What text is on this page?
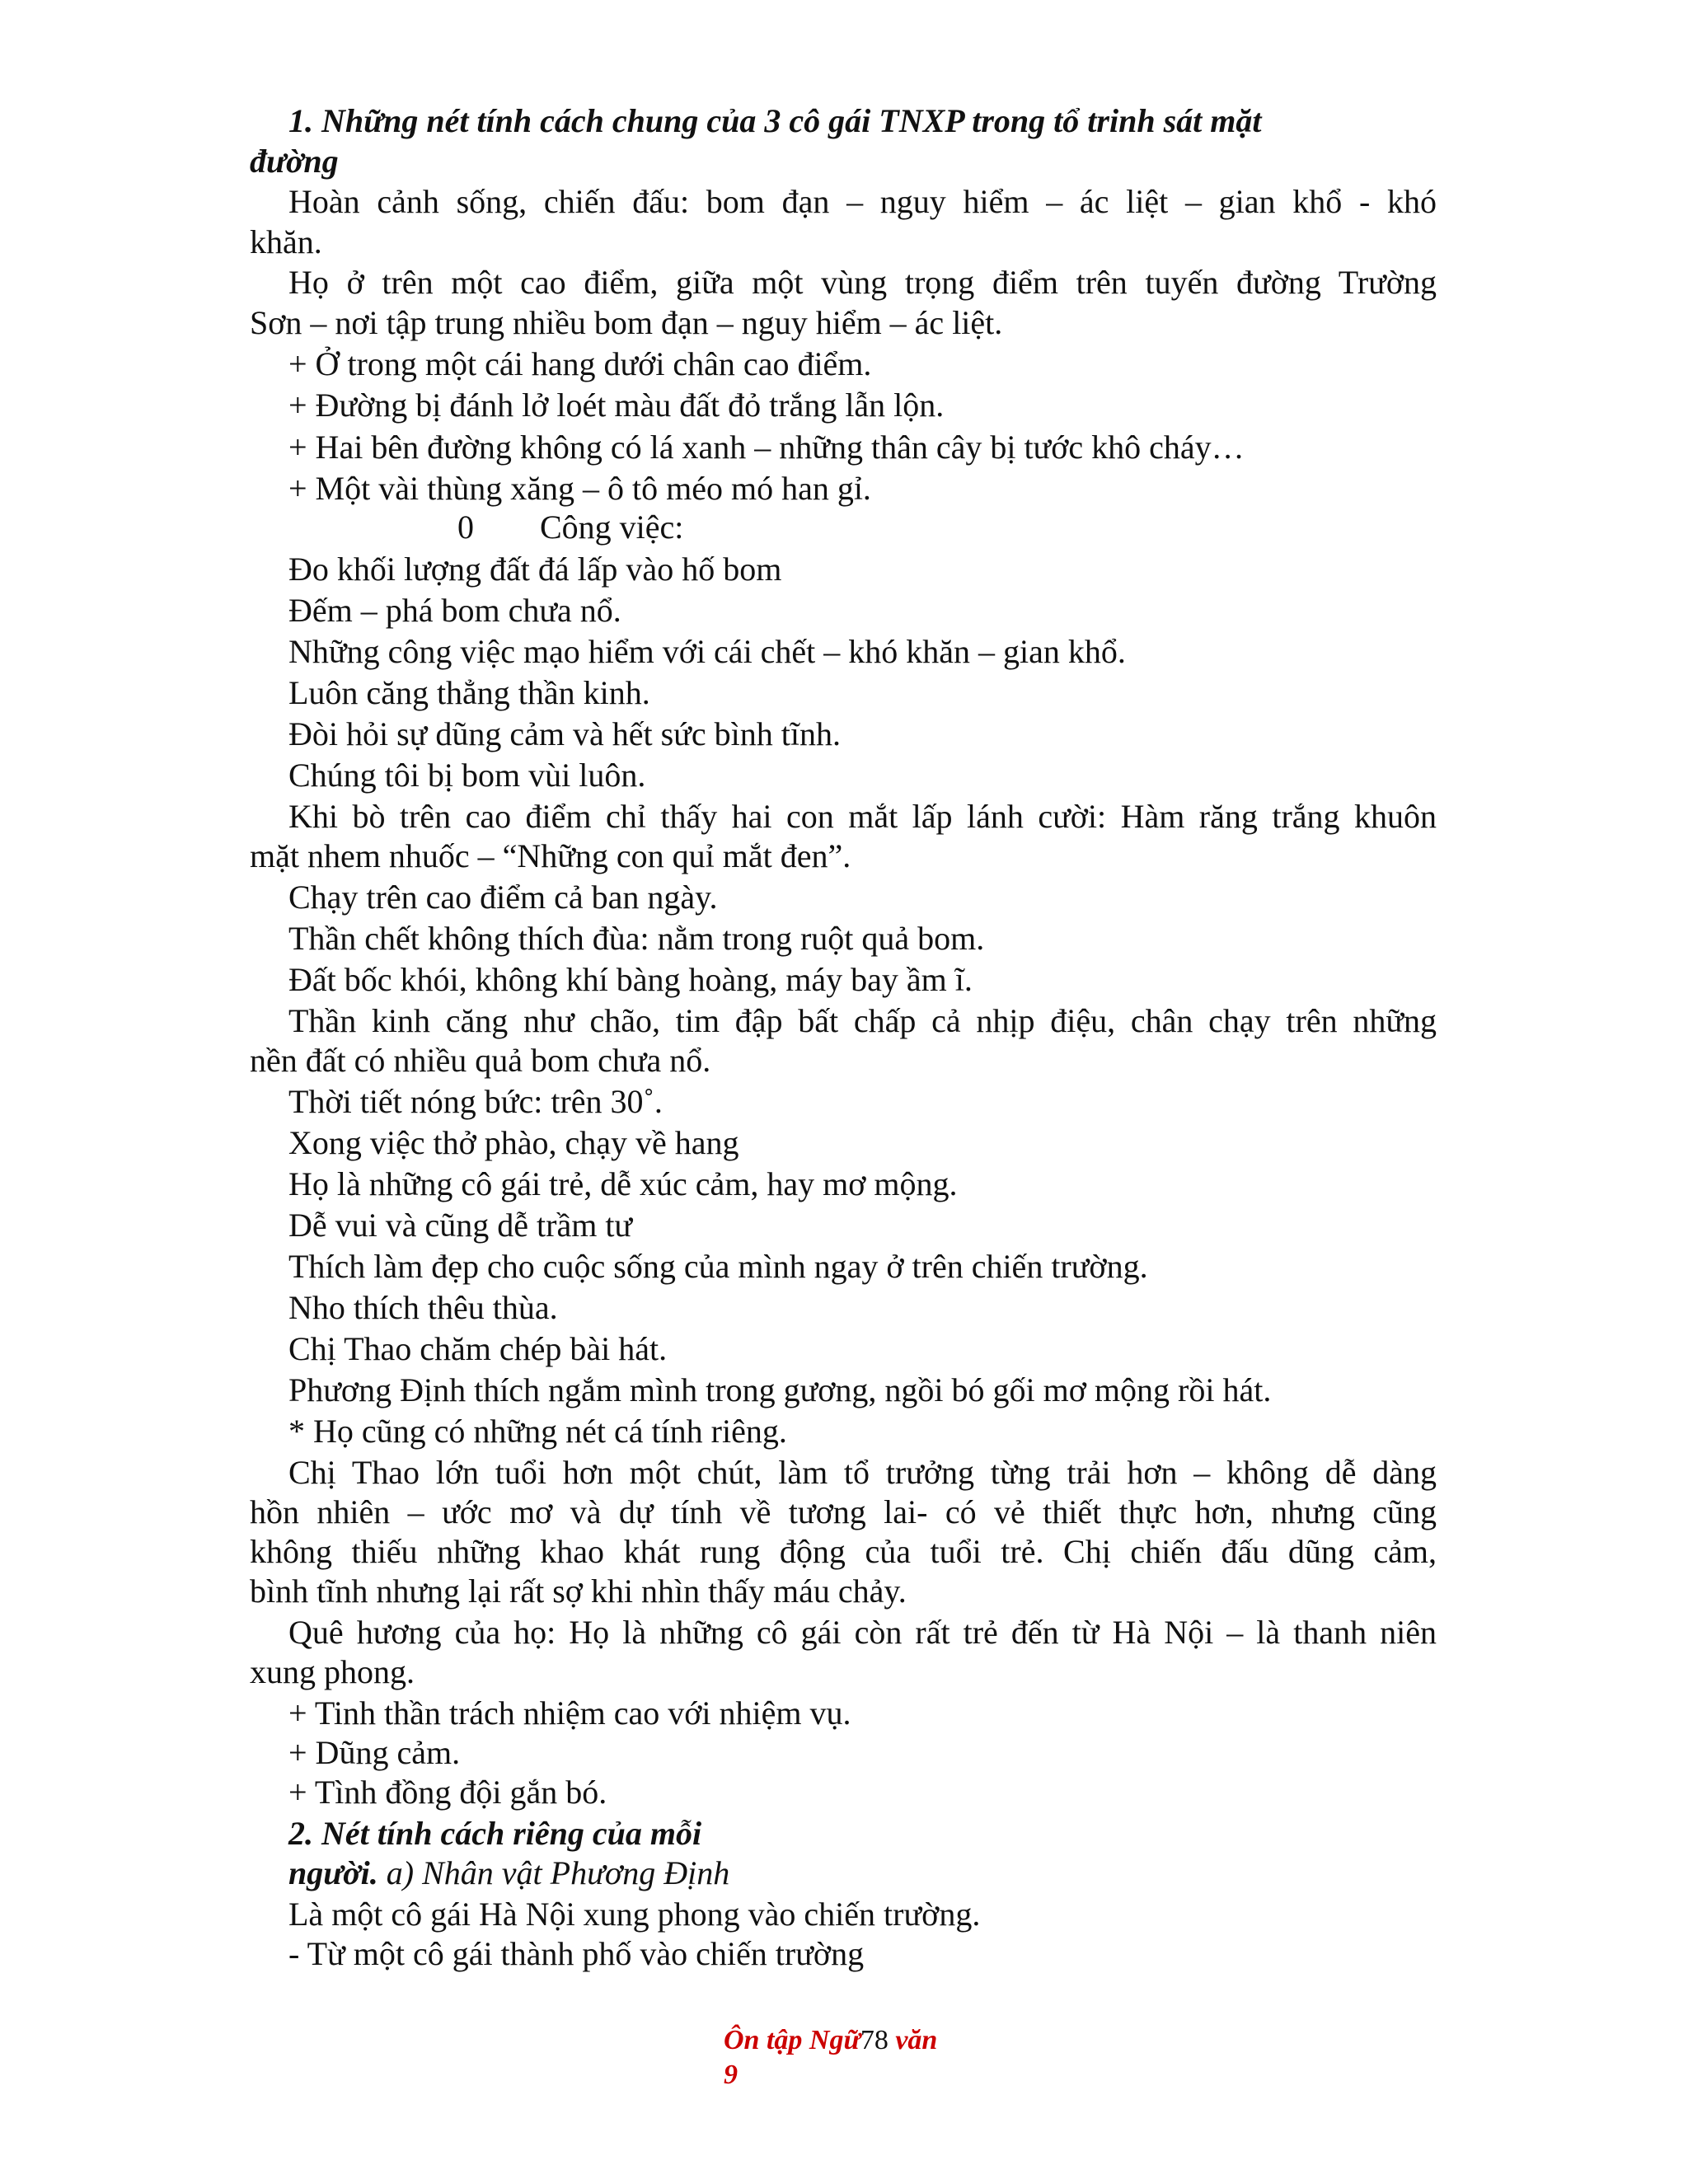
1. Những nét tính cách chung của 3 cô gái TNXP trong tổ trinh sát mặt
đường
Hoàn cảnh sống, chiến đấu: bom đạn – nguy hiểm – ác liệt – gian khổ - khó
khăn.
Họ ở trên một cao điểm, giữa một vùng trọng điểm trên tuyến đường Trường
Sơn – nơi tập trung nhiều bom đạn – nguy hiểm – ác liệt.
+ Ở trong một cái hang dưới chân cao điểm.
+ Đường bị đánh lở loét màu đất đỏ trắng lẫn lộn.
+ Hai bên đường không có lá xanh – những thân cây bị tước khô cháy…
+ Một vài thùng xăng – ô tô méo mó han gỉ.
0        Công việc:
Đo khối lượng đất đá lấp vào hố bom
Đếm – phá bom chưa nổ.
Những công việc mạo hiểm với cái chết – khó khăn – gian khổ.
Luôn căng thẳng thần kinh.
Đòi hỏi sự dũng cảm và hết sức bình tĩnh.
Chúng tôi bị bom vùi luôn.
Khi bò trên cao điểm chỉ thấy hai con mắt lấp lánh cười: Hàm răng trắng khuôn
mặt nhem nhuốc – “Những con quỉ mắt đen”.
Chạy trên cao điểm cả ban ngày.
Thần chết không thích đùa: nằm trong ruột quả bom.
Đất bốc khói, không khí bàng hoàng, máy bay ầm ĩ.
Thần kinh căng như chão, tim đập bất chấp cả nhịp điệu, chân chạy trên những
nền đất có nhiều quả bom chưa nổ.
Thời tiết nóng bức: trên 30˚.
Xong việc thở phào, chạy về hang
Họ là những cô gái trẻ, dễ xúc cảm, hay mơ mộng.
Dễ vui và cũng dễ trầm tư
Thích làm đẹp cho cuộc sống của mình ngay ở trên chiến trường.
Nho thích thêu thùa.
Chị Thao chăm chép bài hát.
Phương Định thích ngắm mình trong gương, ngồi bó gối mơ mộng rồi hát.
* Họ cũng có những nét cá tính riêng.
Chị Thao lớn tuổi hơn một chút, làm tổ trưởng từng trải hơn – không dễ dàng
hồn nhiên – ước mơ và dự tính về tương lai- có vẻ thiết thực hơn, nhưng cũng
không thiếu những khao khát rung động của tuổi trẻ. Chị chiến đấu dũng cảm,
bình tĩnh nhưng lại rất sợ khi nhìn thấy máu chảy.
Quê hương của họ: Họ là những cô gái còn rất trẻ đến từ Hà Nội – là thanh niên
xung phong.
+ Tinh thần trách nhiệm cao với nhiệm vụ.
+ Dũng cảm.
+ Tình đồng đội gắn bó.
2. Nét tính cách riêng của mỗi
người. a) Nhân vật Phương Định
Là một cô gái Hà Nội xung phong vào chiến trường.
- Từ một cô gái thành phố vào chiến trường
Ôn tập Ngữ78 văn
9
